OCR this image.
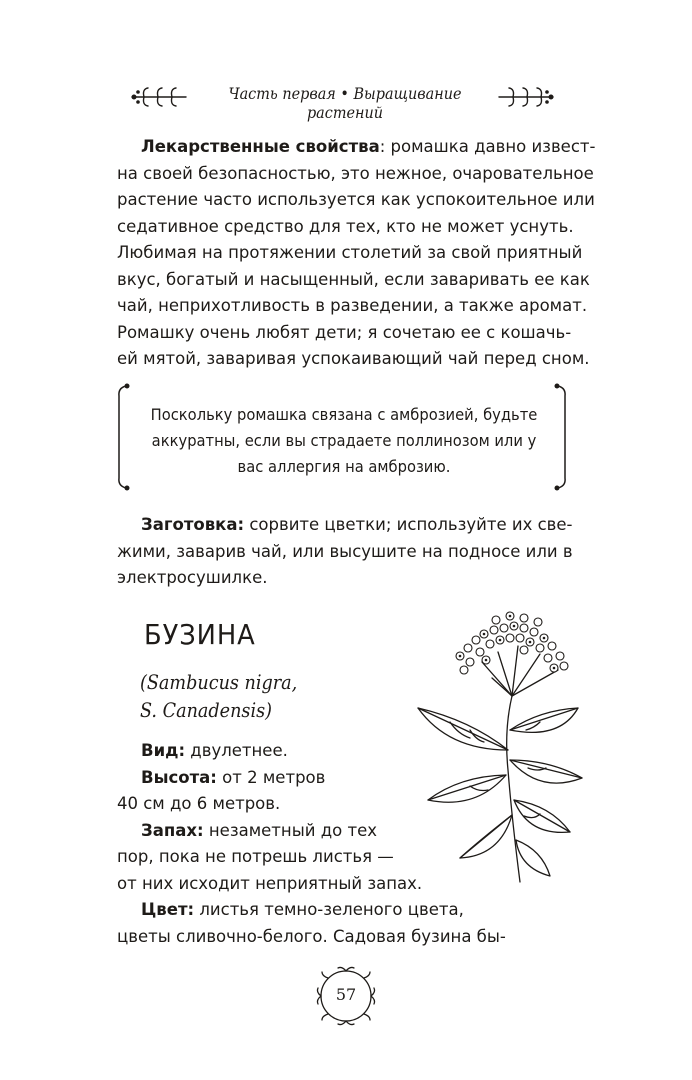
Часть первая • Выращивание растений
Лекарственные свойства: ромашка давно извест-
на своей безопасностью, это нежное, очаровательное
растение часто используется как успокоительное или
седативное средство для тех, кто не может уснуть.
Любимая на протяжении столетий за свой приятный
вкус, богатый и насыщенный, если заваривать ее как
чай, неприхотливость в разведении, а также аромат.
Ромашку очень любят дети; я сочетаю ее с кошачь-
ей мятой, заваривая успокаивающий чай перед сном.
Поскольку ромашка связана с амброзией, будьте
аккуратны, если вы страдаете поллинозом или у
вас аллергия на амброзию.
Заготовка: сорвите цветки; используйте их све-
жими, заварив чай, или высушите на подносе или в
электросушилке.
БУЗИНА
(Sambucus nigra,
S. Canadensis)
Вид: двулетнее.
Высота: от 2 метров
40 см до 6 метров.
Запах: незаметный до тех
пор, пока не потрешь листья —
от них исходит неприятный запах.
Цвет: листья темно-зеленого цвета,
цветы сливочно-белого. Садовая бузина бы-
57
